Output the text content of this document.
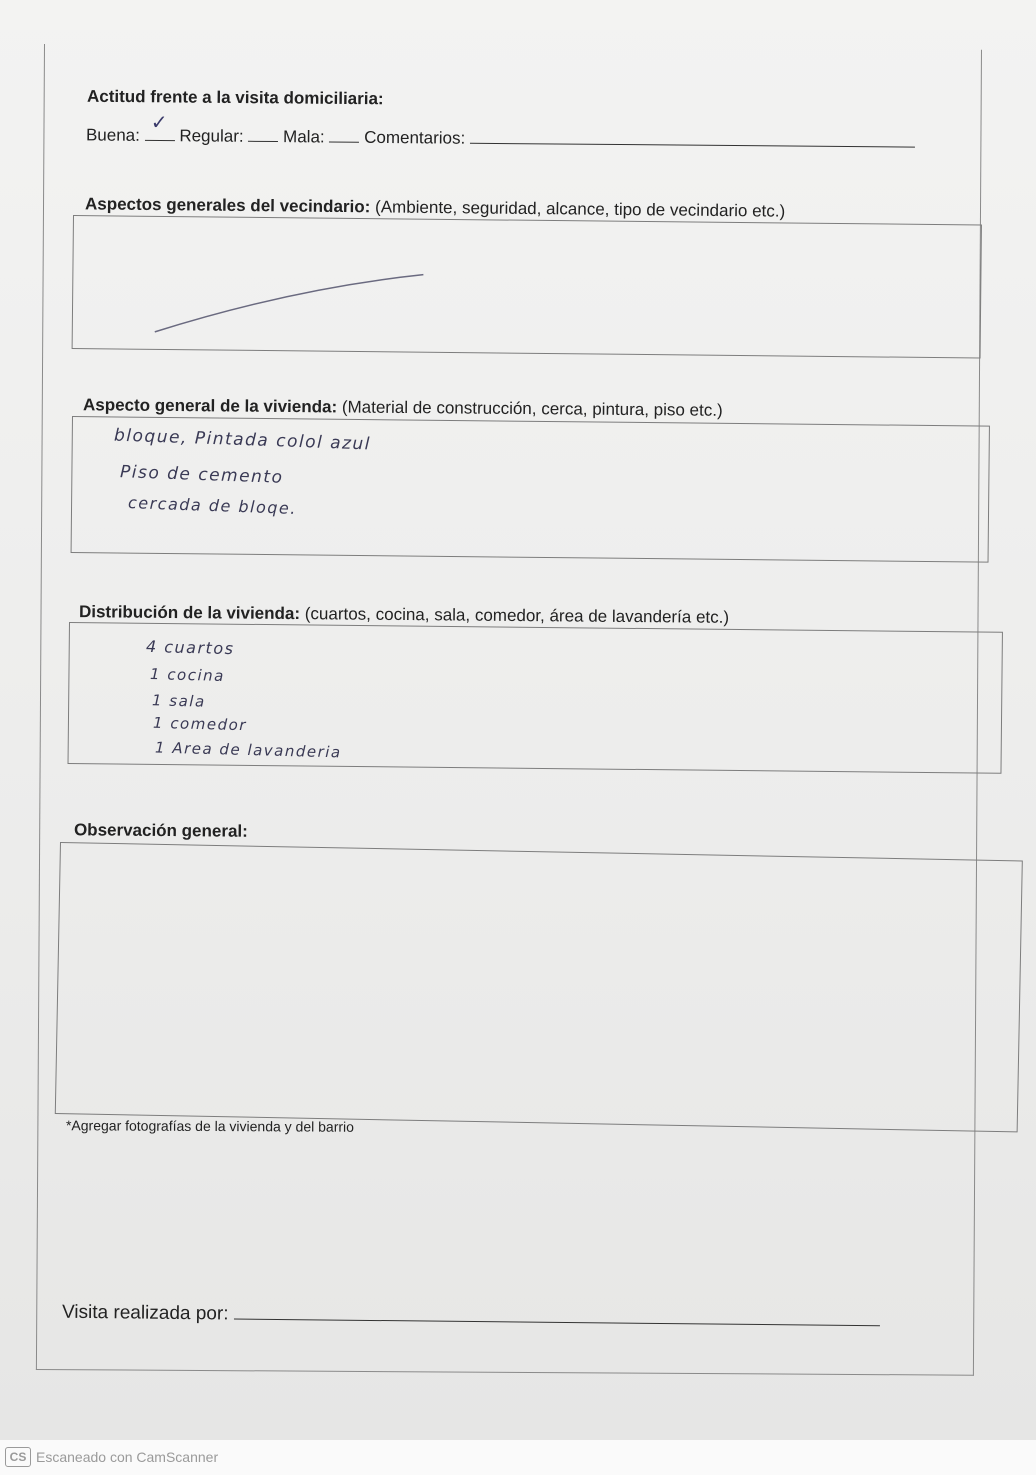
Actitud frente a la visita domiciliaria:
Buena:
✓
Regular: Mala: Comentarios:
Aspectos generales del vecindario: (Ambiente, seguridad, alcance, tipo de vecindario etc.)
Aspecto general de la vivienda: (Material de construcción, cerca, pintura, piso etc.)
bloque, Pintada colol azul
Piso de cemento
cercada de bloqe.
Distribución de la vivienda: (cuartos, cocina, sala, comedor, área de lavandería etc.)
4 cuartos
1 cocina
1 sala
1 comedor
1 Area de lavanderia
Observación general:
*Agregar fotografías de la vivienda y del barrio
Visita realizada por:
CS Escaneado con CamScanner
